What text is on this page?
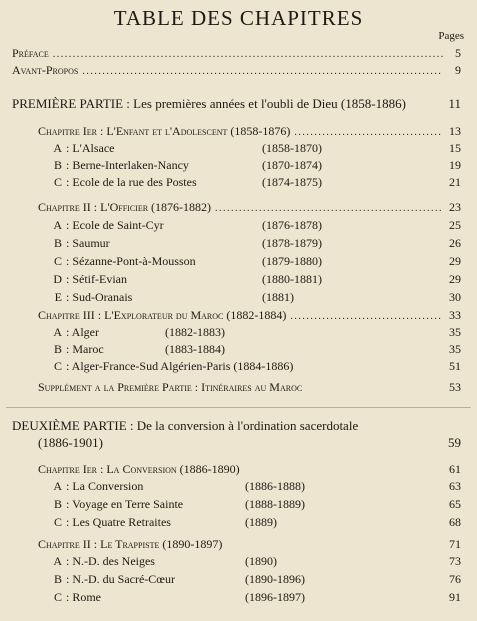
TABLE DES CHAPITRES
Pages
Préface .....	5
Avant-Propos .....	9
PREMIÈRE PARTIE : Les premières années et l'oubli de Dieu (1858-1886)	11
Chapitre Ier : L'Enfant et l'Adolescent (1858-1876) .....	13
A : L'Alsace	(1858-1870)	15
B : Berne-Interlaken-Nancy	(1870-1874)	19
C : Ecole de la rue des Postes	(1874-1875)	21
Chapitre II : L'Officier (1876-1882) .....	23
A : Ecole de Saint-Cyr	(1876-1878)	25
B : Saumur	(1878-1879)	26
C : Sézanne-Pont-à-Mousson	(1879-1880)	29
D : Sétif-Evian	(1880-1881)	29
E : Sud-Oranais	(1881)	30
Chapitre III : L'Explorateur du Maroc (1882-1884) .....	33
A : Alger	(1882-1883)	35
B : Maroc	(1883-1884)	35
C : Alger-France-Sud Algérien-Paris (1884-1886)	51
Supplément a la Première Partie : Itinéraires au Maroc	53
DEUXIÈME PARTIE : De la conversion à l'ordination sacerdotale
(1886-1901)	59
Chapitre Ier : La Conversion (1886-1890)	61
A : La Conversion	(1886-1888)	63
B : Voyage en Terre Sainte	(1888-1889)	65
C : Les Quatre Retraites	(1889)	68
Chapitre II : Le Trappiste (1890-1897)	71
A : N.-D. des Neiges	(1890)	73
B : N.-D. du Sacré-Cœur	(1890-1896)	76
C : Rome	(1896-1897)	91
